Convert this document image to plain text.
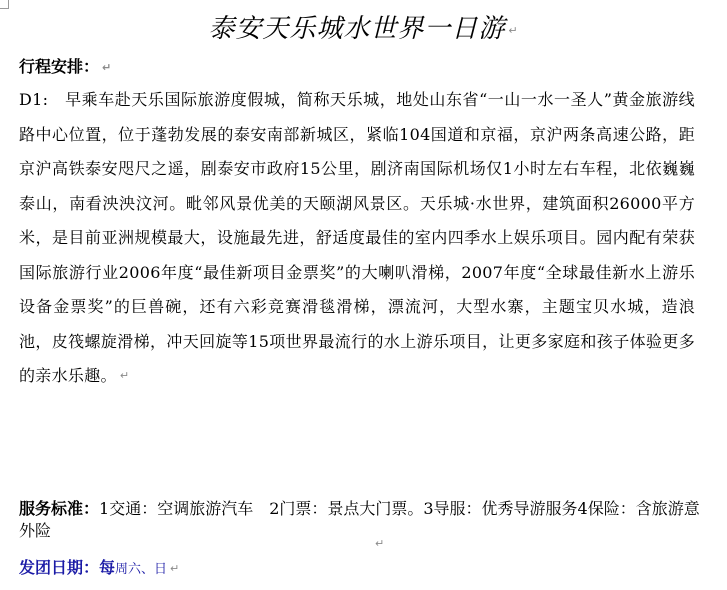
泰安天乐城水世界一日游 ↵
行程安排： ↵
D1:　早乘车赴天乐国际旅游度假城，简称天乐城，地处山东省“一山一水一圣人”黄金旅游线路中心位置，位于蓬勃发展的泰安南部新城区，紧临104国道和京福，京沪两条高速公路，距京沪高铁泰安咫尺之遥，剧泰安市政府15公里，剧济南国际机场仅1小时左右车程，北依巍巍泰山，南看泱泱汶河。毗邻风景优美的天颐湖风景区。天乐城·水世界，建筑面积26000平方米，是目前亚洲规模最大，设施最先进，舒适度最佳的室内四季水上娱乐项目。园内配有荣获国际旅游行业2006年度“最佳新项目金票奖”的大喇叭滑梯，2007年度“全球最佳新水上游乐设备金票奖”的巨兽碗，还有六彩竞赛滑毯滑梯，漂流河，大型水寨，主题宝贝水城，造浪池，皮筏螺旋滑梯，冲天回旋等15项世界最流行的水上游乐项目，让更多家庭和孩子体验更多的亲水乐趣。 ↵
服务标准：1交通：空调旅游汽车　2门票：景点大门票。3导服：优秀导游服务4保险：含旅游意外险
↵
发团日期：每周六、日 ↵
